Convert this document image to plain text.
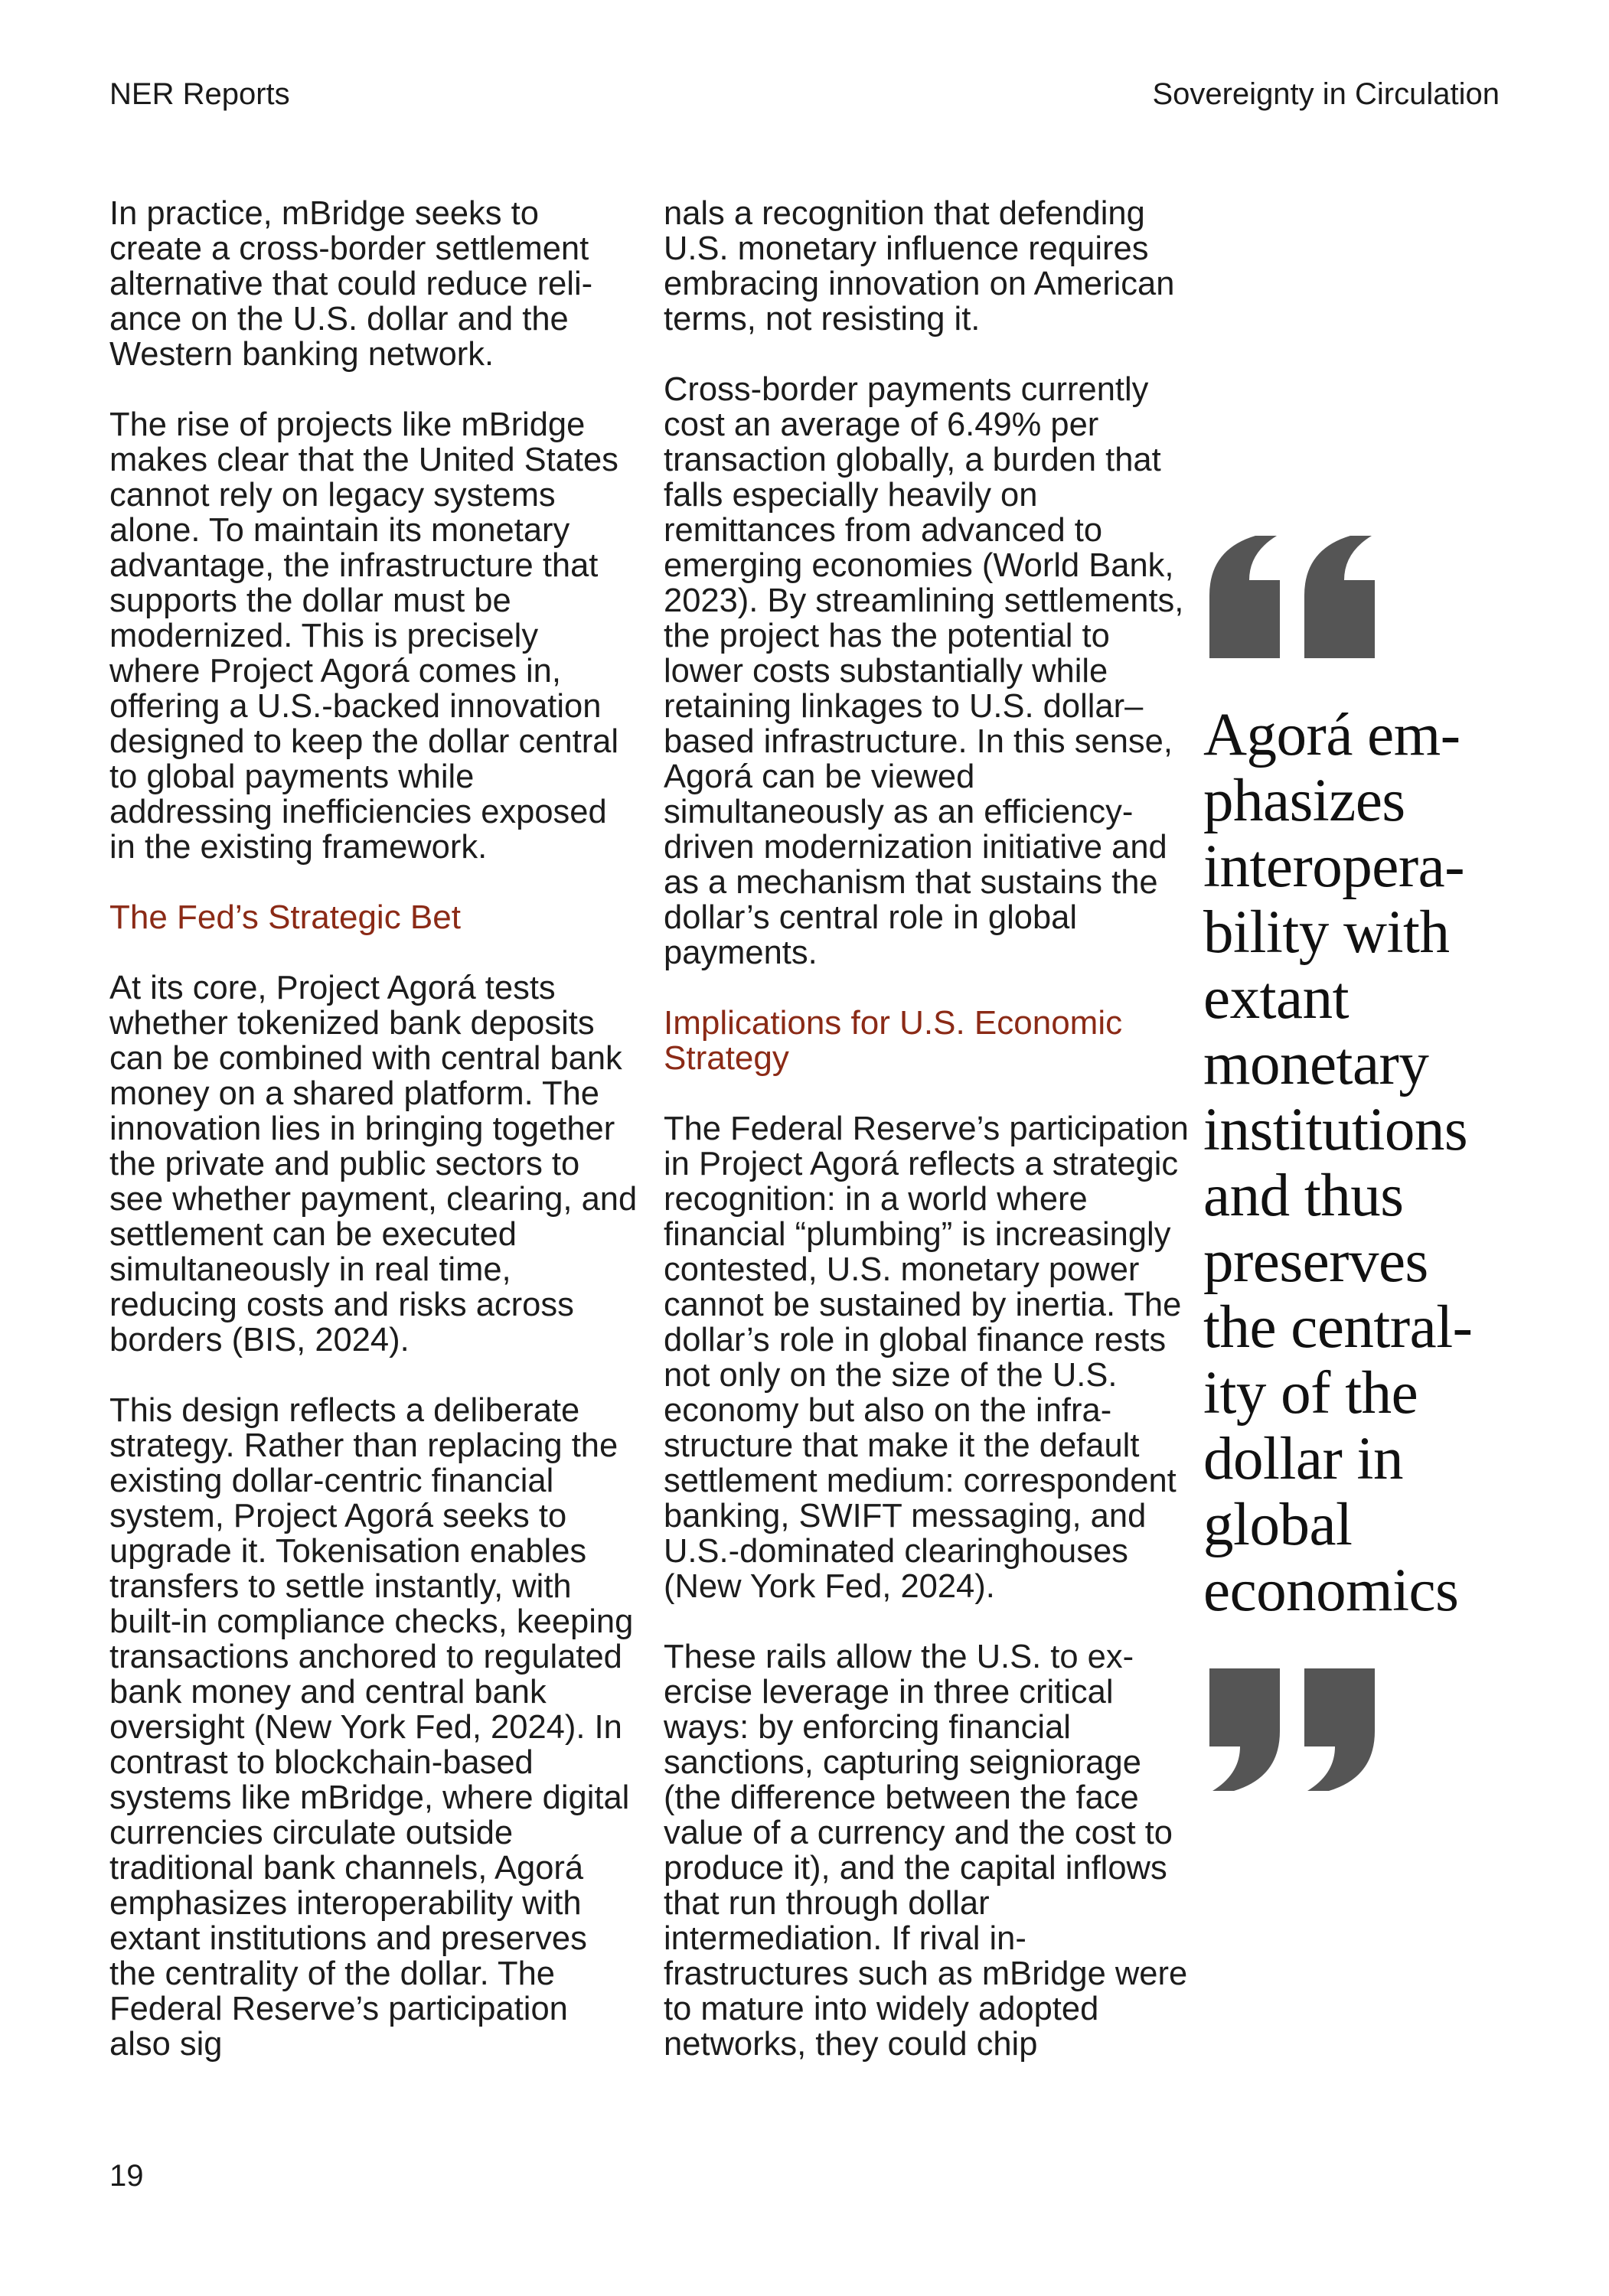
NER Reports	Sovereignty in Circulation

In practice, mBridge seeks to create a cross-border settlement alternative that could reduce reliance on the U.S. dollar and the Western banking network.

The rise of projects like mBridge makes clear that the United States cannot rely on legacy systems alone. To maintain its monetary advantage, the infrastructure that supports the dollar must be modernized. This is precisely where Project Agorá comes in, offering a U.S.-backed innovation designed to keep the dollar central to global payments while addressing inefficiencies exposed in the existing framework.

The Fed’s Strategic Bet

At its core, Project Agorá tests whether tokenized bank deposits can be combined with central bank money on a shared platform. The innovation lies in bringing together the private and public sectors to see whether payment, clearing, and settlement can be executed simultaneously in real time, reducing costs and risks across borders (BIS, 2024).

This design reflects a deliberate strategy. Rather than replacing the existing dollar-centric financial system, Project Agorá seeks to upgrade it. Tokenisation enables transfers to settle instantly, with built-in compliance checks, keeping transactions anchored to regulated bank money and central bank oversight (New York Fed, 2024). In contrast to blockchain-based systems like mBridge, where digital currencies circulate outside traditional bank channels, Agorá emphasizes interoperability with extant institutions and preserves the centrality of the dollar. The Federal Reserve’s participation also sig

nals a recognition that defending U.S. monetary influence requires embracing innovation on American terms, not resisting it.

Cross-border payments currently cost an average of 6.49% per transaction globally, a burden that falls especially heavily on remittances from advanced to emerging economies (World Bank, 2023). By streamlining settlements, the project has the potential to lower costs substantially while retaining linkages to U.S. dollar–based infrastructure. In this sense, Agorá can be viewed simultaneously as an efficiency-driven modernization initiative and as a mechanism that sustains the dollar’s central role in global payments.

Implications for U.S. Economic Strategy

The Federal Reserve’s participation in Project Agorá reflects a strategic recognition: in a world where financial “plumbing” is increasingly contested, U.S. monetary power cannot be sustained by inertia. The dollar’s role in global finance rests not only on the size of the U.S. economy but also on the infrastructure that make it the default settlement medium: correspondent banking, SWIFT messaging, and U.S.-dominated clearinghouses (New York Fed, 2024).

These rails allow the U.S. to exercise leverage in three critical ways: by enforcing financial sanctions, capturing seigniorage (the difference between the face value of a currency and the cost to produce it), and the capital inflows that run through dollar intermediation. If rival infrastructures such as mBridge were to mature into widely adopted networks, they could chip

Agorá emphasizes interoperability with extant monetary institutions and thus preserves the centrality of the dollar in global economics
19
